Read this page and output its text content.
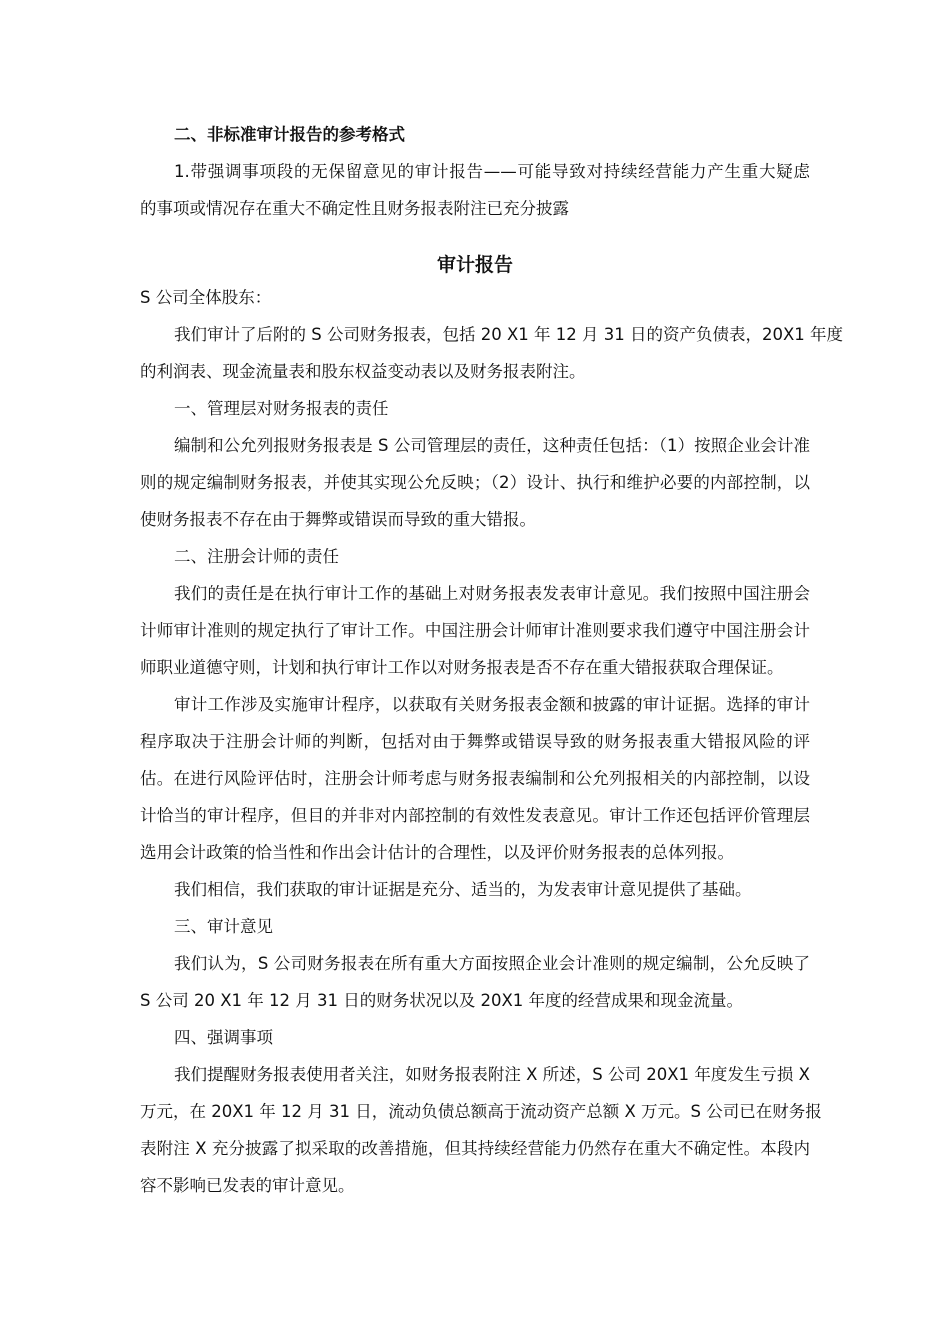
二、非标准审计报告的参考格式
1.带强调事项段的无保留意见的审计报告——可能导致对持续经营能力产生重大疑虑
的事项或情况存在重大不确定性且财务报表附注已充分披露
审计报告
S 公司全体股东：
我们审计了后附的 S 公司财务报表，包括 20 X1 年 12 月 31 日的资产负债表，20X1 年度
的利润表、现金流量表和股东权益变动表以及财务报表附注。
一、管理层对财务报表的责任
编制和公允列报财务报表是 S 公司管理层的责任，这种责任包括：（1）按照企业会计准
则的规定编制财务报表，并使其实现公允反映；（2）设计、执行和维护必要的内部控制，以
使财务报表不存在由于舞弊或错误而导致的重大错报。
二、注册会计师的责任
我们的责任是在执行审计工作的基础上对财务报表发表审计意见。我们按照中国注册会
计师审计准则的规定执行了审计工作。中国注册会计师审计准则要求我们遵守中国注册会计
师职业道德守则，计划和执行审计工作以对财务报表是否不存在重大错报获取合理保证。
审计工作涉及实施审计程序，以获取有关财务报表金额和披露的审计证据。选择的审计
程序取决于注册会计师的判断，包括对由于舞弊或错误导致的财务报表重大错报风险的评
估。在进行风险评估时，注册会计师考虑与财务报表编制和公允列报相关的内部控制，以设
计恰当的审计程序，但目的并非对内部控制的有效性发表意见。审计工作还包括评价管理层
选用会计政策的恰当性和作出会计估计的合理性，以及评价财务报表的总体列报。
我们相信，我们获取的审计证据是充分、适当的，为发表审计意见提供了基础。
三、审计意见
我们认为，S 公司财务报表在所有重大方面按照企业会计准则的规定编制，公允反映了
S 公司 20 X1 年 12 月 31 日的财务状况以及 20X1 年度的经营成果和现金流量。
四、强调事项
我们提醒财务报表使用者关注，如财务报表附注 X 所述，S 公司 20X1 年度发生亏损 X
万元，在 20X1 年 12 月 31 日，流动负债总额高于流动资产总额 X 万元。S 公司已在财务报
表附注 X 充分披露了拟采取的改善措施，但其持续经营能力仍然存在重大不确定性。本段内
容不影响已发表的审计意见。
